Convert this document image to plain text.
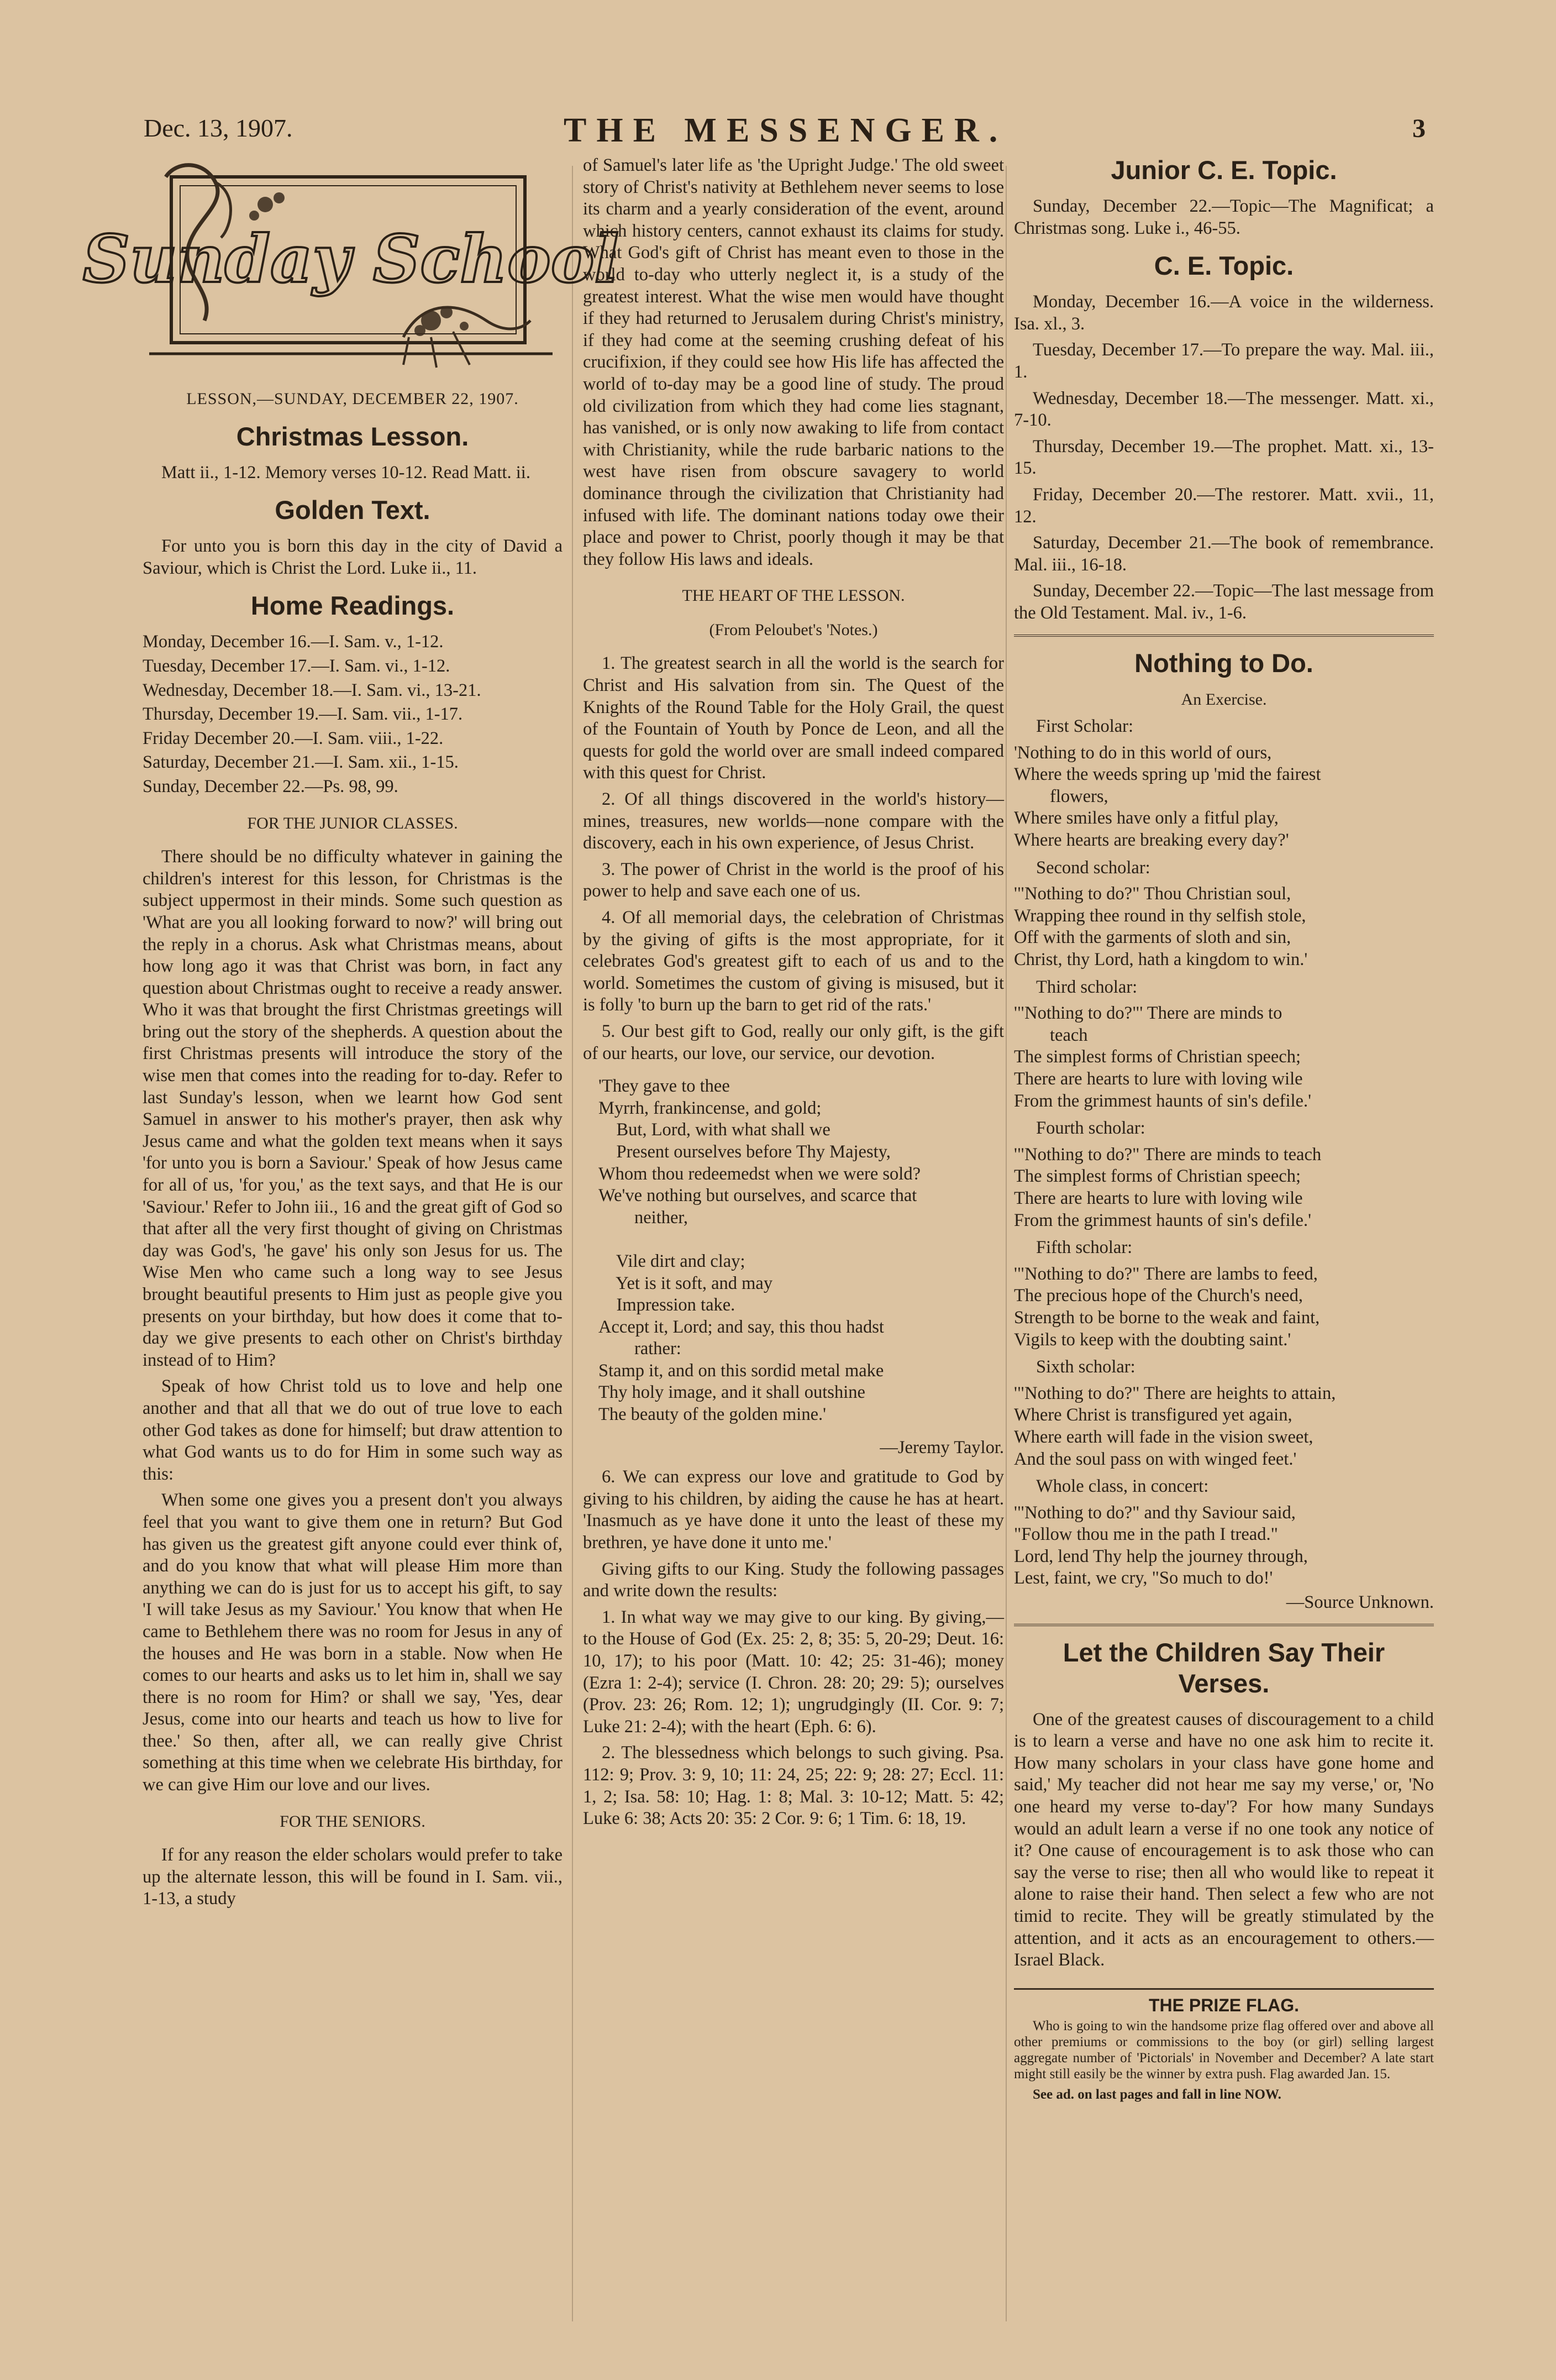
Dec. 13, 1907.	THE MESSENGER.	3
Sunday School
LESSON,—SUNDAY, DECEMBER 22, 1907.
Christmas Lesson.

Matt ii., 1-12. Memory verses 10-12. Read Matt. ii.

Golden Text.

For unto you is born this day in the city of David a Saviour, which is Christ the Lord. Luke ii., 11.

Home Readings.

Monday, December 16.—I. Sam. v., 1-12.

Tuesday, December 17.—I. Sam. vi., 1-12.

Wednesday, December 18.—I. Sam. vi., 13-21.

Thursday, December 19.—I. Sam. vii., 1-17.

Friday December 20.—I. Sam. viii., 1-22.

Saturday, December 21.—I. Sam. xii., 1-15.

Sunday, December 22.—Ps. 98, 99.

FOR THE JUNIOR CLASSES.

There should be no difficulty whatever in gaining the children's interest for this lesson, for Christmas is the subject uppermost in their minds. Some such question as 'What are you all looking forward to now?' will bring out the reply in a chorus. Ask what Christmas means, about how long ago it was that Christ was born, in fact any question about Christmas ought to receive a ready answer. Who it was that brought the first Christmas greetings will bring out the story of the shepherds. A question about the first Christmas presents will introduce the story of the wise men that comes into the reading for to-day. Refer to last Sunday's lesson, when we learnt how God sent Samuel in answer to his mother's prayer, then ask why Jesus came and what the golden text means when it says 'for unto you is born a Saviour.' Speak of how Jesus came for all of us, 'for you,' as the text says, and that He is our 'Saviour.' Refer to John iii., 16 and the great gift of God so that after all the very first thought of giving on Christmas day was God's, 'he gave' his only son Jesus for us. The Wise Men who came such a long way to see Jesus brought beautiful presents to Him just as people give you presents on your birthday, but how does it come that to-day we give presents to each other on Christ's birthday instead of to Him?

Speak of how Christ told us to love and help one another and that all that we do out of true love to each other God takes as done for himself; but draw attention to what God wants us to do for Him in some such way as this:

When some one gives you a present don't you always feel that you want to give them one in return? But God has given us the greatest gift anyone could ever think of, and do you know that what will please Him more than anything we can do is just for us to accept his gift, to say 'I will take Jesus as my Saviour.' You know that when He came to Bethlehem there was no room for Jesus in any of the houses and He was born in a stable. Now when He comes to our hearts and asks us to let him in, shall we say there is no room for Him? or shall we say, 'Yes, dear Jesus, come into our hearts and teach us how to live for thee.' So then, after all, we can really give Christ something at this time when we celebrate His birthday, for we can give Him our love and our lives.

FOR THE SENIORS.

If for any reason the elder scholars would prefer to take up the alternate lesson, this will be found in I. Sam. vii., 1-13, a study

of Samuel's later life as 'the Upright Judge.' The old sweet story of Christ's nativity at Bethlehem never seems to lose its charm and a yearly consideration of the event, around which history centers, cannot exhaust its claims for study. What God's gift of Christ has meant even to those in the world to-day who utterly neglect it, is a study of the greatest interest. What the wise men would have thought if they had returned to Jerusalem during Christ's ministry, if they had come at the seeming crushing defeat of his crucifixion, if they could see how His life has affected the world of to-day may be a good line of study. The proud old civilization from which they had come lies stagnant, has vanished, or is only now awaking to life from contact with Christianity, while the rude barbaric nations to the west have risen from obscure savagery to world dominance through the civilization that Christianity had infused with life. The dominant nations today owe their place and power to Christ, poorly though it may be that they follow His laws and ideals.

THE HEART OF THE LESSON.
(From Peloubet's 'Notes.)

1. The greatest search in all the world is the search for Christ and His salvation from sin. The Quest of the Knights of the Round Table for the Holy Grail, the quest of the Fountain of Youth by Ponce de Leon, and all the quests for gold the world over are small indeed compared with this quest for Christ.

2. Of all things discovered in the world's history—mines, treasures, new worlds—none compare with the discovery, each in his own experience, of Jesus Christ.

3. The power of Christ in the world is the proof of his power to help and save each one of us.

4. Of all memorial days, the celebration of Christmas by the giving of gifts is the most appropriate, for it celebrates God's greatest gift to each of us and to the world. Sometimes the custom of giving is misused, but it is folly 'to burn up the barn to get rid of the rats.'

5. Our best gift to God, really our only gift, is the gift of our hearts, our love, our service, our devotion.

'They gave to thee
Myrrh, frankincense, and gold;
But, Lord, with what shall we
Present ourselves before Thy Majesty,
Whom thou redeemedst when we were sold?
We've nothing but ourselves, and scarce that
neither,

Vile dirt and clay;
Yet is it soft, and may
Impression take.
Accept it, Lord; and say, this thou hadst
rather:
Stamp it, and on this sordid metal make
Thy holy image, and it shall outshine
The beauty of the golden mine.'
—Jeremy Taylor.

6. We can express our love and gratitude to God by giving to his children, by aiding the cause he has at heart. 'Inasmuch as ye have done it unto the least of these my brethren, ye have done it unto me.'

Giving gifts to our King. Study the following passages and write down the results:

1. In what way we may give to our king. By giving,—to the House of God (Ex. 25: 2, 8; 35: 5, 20-29; Deut. 16: 10, 17); to his poor (Matt. 10: 42; 25: 31-46); money (Ezra 1: 2-4); service (I. Chron. 28: 20; 29: 5); ourselves (Prov. 23: 26; Rom. 12; 1); ungrudgingly (II. Cor. 9: 7; Luke 21: 2-4); with the heart (Eph. 6: 6).

2. The blessedness which belongs to such giving. Psa. 112: 9; Prov. 3: 9, 10; 11: 24, 25; 22: 9; 28: 27; Eccl. 11: 1, 2; Isa. 58: 10; Hag. 1: 8; Mal. 3: 10-12; Matt. 5: 42; Luke 6: 38; Acts 20: 35: 2 Cor. 9: 6; 1 Tim. 6: 18, 19.

Junior C. E. Topic.

Sunday, December 22.—Topic—The Magnificat; a Christmas song. Luke i., 46-55.

C. E. Topic.

Monday, December 16.—A voice in the wilderness. Isa. xl., 3.

Tuesday, December 17.—To prepare the way. Mal. iii., 1.

Wednesday, December 18.—The messenger. Matt. xi., 7-10.

Thursday, December 19.—The prophet. Matt. xi., 13-15.

Friday, December 20.—The restorer. Matt. xvii., 11, 12.

Saturday, December 21.—The book of remembrance. Mal. iii., 16-18.

Sunday, December 22.—Topic—The last message from the Old Testament. Mal. iv., 1-6.

Nothing to Do.
An Exercise.
First Scholar:
'Nothing to do in this world of ours,
Where the weeds spring up 'mid the fairest
flowers,
Where smiles have only a fitful play,
Where hearts are breaking every day?'
Second scholar:
'"Nothing to do?" Thou Christian soul,
Wrapping thee round in thy selfish stole,
Off with the garments of sloth and sin,
Christ, thy Lord, hath a kingdom to win.'
Third scholar:
'"Nothing to do?"' There are minds to
teach
The simplest forms of Christian speech;
There are hearts to lure with loving wile
From the grimmest haunts of sin's defile.'
Fourth scholar:
'"Nothing to do?" There are minds to teach
The simplest forms of Christian speech;
There are hearts to lure with loving wile
From the grimmest haunts of sin's defile.'
Fifth scholar:
'"Nothing to do?" There are lambs to feed,
The precious hope of the Church's need,
Strength to be borne to the weak and faint,
Vigils to keep with the doubting saint.'
Sixth scholar:
'"Nothing to do?" There are heights to attain,
Where Christ is transfigured yet again,
Where earth will fade in the vision sweet,
And the soul pass on with winged feet.'
Whole class, in concert:
'"Nothing to do?" and thy Saviour said,
"Follow thou me in the path I tread."
Lord, lend Thy help the journey through,
Lest, faint, we cry, "So much to do!'
—Source Unknown.
Let the Children Say Their Verses.

One of the greatest causes of discouragement to a child is to learn a verse and have no one ask him to recite it. How many scholars in your class have gone home and said,' My teacher did not hear me say my verse,' or, 'No one heard my verse to-day'? For how many Sundays would an adult learn a verse if no one took any notice of it? One cause of encouragement is to ask those who can say the verse to rise; then all who would like to repeat it alone to raise their hand. Then select a few who are not timid to recite. They will be greatly stimulated by the attention, and it acts as an encouragement to others.—Israel Black.

THE PRIZE FLAG.

Who is going to win the handsome prize flag offered over and above all other premiums or commissions to the boy (or girl) selling largest aggregate number of 'Pictorials' in November and December? A late start might still easily be the winner by extra push. Flag awarded Jan. 15.

See ad. on last pages and fall in line NOW.
